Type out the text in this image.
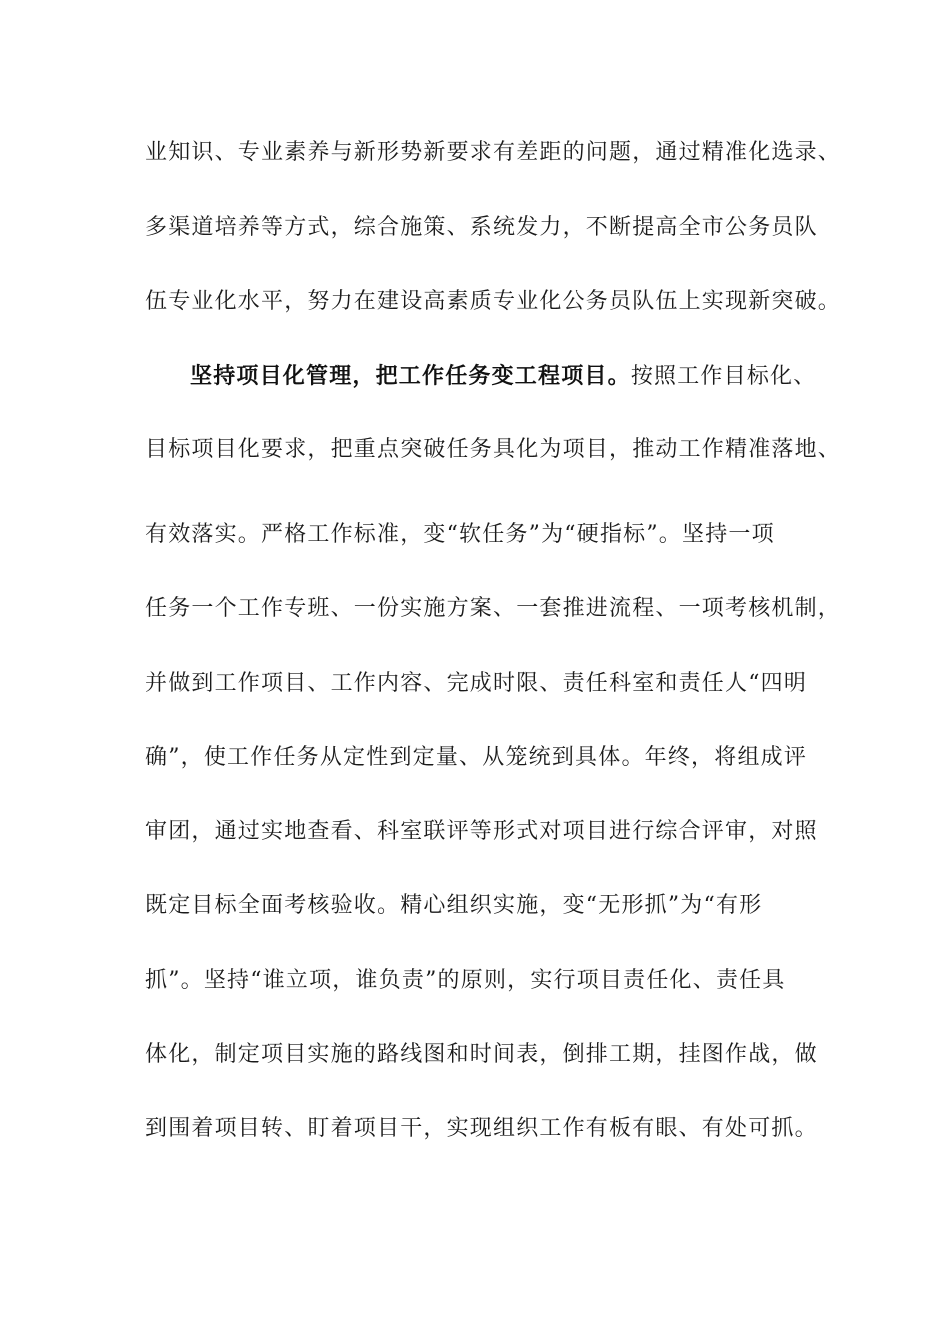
业知识、专业素养与新形势新要求有差距的问题，通过精准化选录、
多渠道培养等方式，综合施策、系统发力，不断提高全市公务员队
伍专业化水平，努力在建设高素质专业化公务员队伍上实现新突破。
坚持项目化管理，把工作任务变工程项目。按照工作目标化、
目标项目化要求，把重点突破任务具化为项目，推动工作精准落地、
有效落实。严格工作标准，变“软任务”为“硬指标”。坚持一项
任务一个工作专班、一份实施方案、一套推进流程、一项考核机制，
并做到工作项目、工作内容、完成时限、责任科室和责任人“四明
确”，使工作任务从定性到定量、从笼统到具体。年终，将组成评
审团，通过实地查看、科室联评等形式对项目进行综合评审，对照
既定目标全面考核验收。精心组织实施，变“无形抓”为“有形
抓”。坚持“谁立项，谁负责”的原则，实行项目责任化、责任具
体化，制定项目实施的路线图和时间表，倒排工期，挂图作战，做
到围着项目转、盯着项目干，实现组织工作有板有眼、有处可抓。
